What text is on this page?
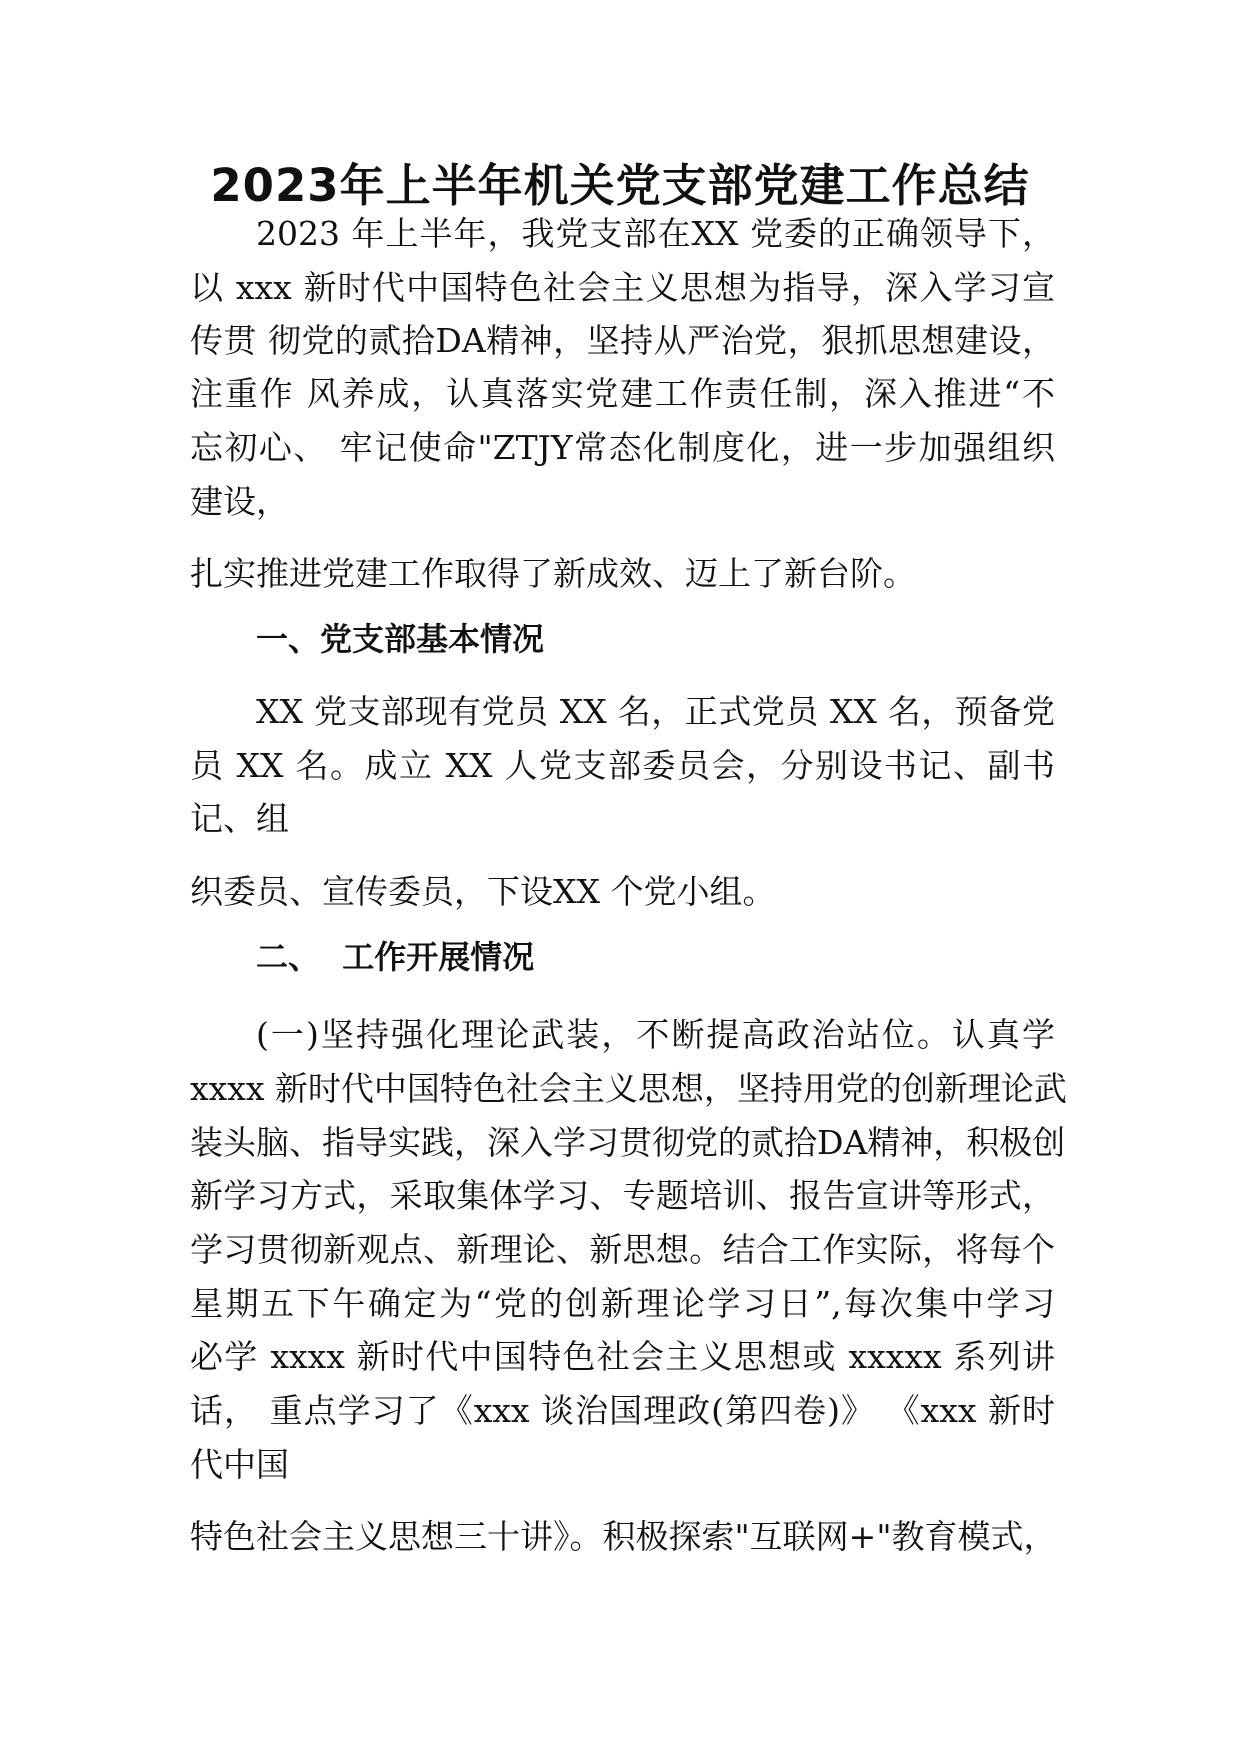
2023年上半年机关党支部党建工作总结
2023 年上半年，我党支部在XX 党委的正确领导下，
以 xxx 新时代中国特色社会主义思想为指导，深入学习宣
传贯 彻党的贰拾DA精神，坚持从严治党，狠抓思想建设，
注重作 风养成，认真落实党建工作责任制，深入推进“不
忘初心、 牢记使命"ZTJY常态化制度化，进一步加强组织
建设，
扎实推进党建工作取得了新成效、迈上了新台阶。
一、党支部基本情况
XX 党支部现有党员 XX 名，正式党员 XX 名，预备党
员 XX 名。成立 XX 人党支部委员会，分别设书记、副书
记、组
织委员、宣传委员，下设XX 个党小组。
二、  工作开展情况
(一)坚持强化理论武装，不断提高政治站位。认真学
xxxx 新时代中国特色社会主义思想，坚持用党的创新理论武
装头脑、指导实践，深入学习贯彻党的贰拾DA精神，积极创
新学习方式，采取集体学习、专题培训、报告宣讲等形式，
学习贯彻新观点、新理论、新思想。结合工作实际，将每个
星期五下午确定为“党的创新理论学习日”,每次集中学习
必学 xxxx 新时代中国特色社会主义思想或 xxxxx 系列讲
话， 重点学习了《xxx 谈治国理政(第四卷)》 《xxx 新时
代中国
特色社会主义思想三十讲》。积极探索"互联网+"教育模式，
